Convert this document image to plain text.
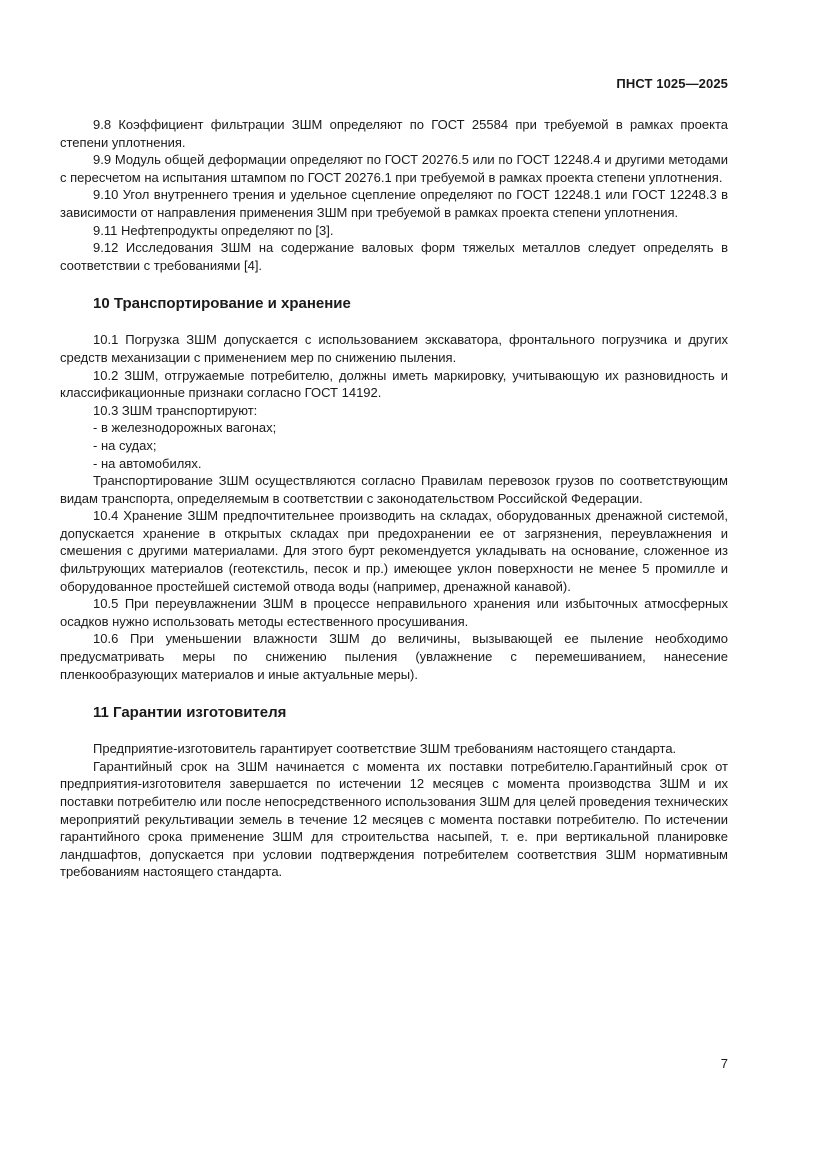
ПНСТ 1025—2025

9.8 Коэффициент фильтрации ЗШМ определяют по ГОСТ 25584 при требуемой в рамках проекта степени уплотнения.

9.9 Модуль общей деформации определяют по ГОСТ 20276.5 или по ГОСТ 12248.4 и другими методами с пересчетом на испытания штампом по ГОСТ 20276.1 при требуемой в рамках проекта степени уплотнения.

9.10 Угол внутреннего трения и удельное сцепление определяют по ГОСТ 12248.1 или ГОСТ 12248.3 в зависимости от направления применения ЗШМ при требуемой в рамках проекта степени уплотнения.

9.11 Нефтепродукты определяют по [3].

9.12 Исследования ЗШМ на содержание валовых форм тяжелых металлов следует определять в соответствии с требованиями [4].

10 Транспортирование и хранение

10.1 Погрузка ЗШМ допускается с использованием экскаватора, фронтального погрузчика и других средств механизации с применением мер по снижению пыления.

10.2 ЗШМ, отгружаемые потребителю, должны иметь маркировку, учитывающую их разновидность и классификационные признаки согласно ГОСТ 14192.

10.3 ЗШМ транспортируют:

- в железнодорожных вагонах;

- на судах;

- на автомобилях.

Транспортирование ЗШМ осуществляются согласно Правилам перевозок грузов по соответствующим видам транспорта, определяемым в соответствии с законодательством Российской Федерации.

10.4 Хранение ЗШМ предпочтительнее производить на складах, оборудованных дренажной системой, допускается хранение в открытых складах при предохранении ее от загрязнения, переувлажнения и смешения с другими материалами. Для этого бурт рекомендуется укладывать на основание, сложенное из фильтрующих материалов (геотекстиль, песок и пр.) имеющее уклон поверхности не менее 5 промилле и оборудованное простейшей системой отвода воды (например, дренажной канавой).

10.5 При переувлажнении ЗШМ в процессе неправильного хранения или избыточных атмосферных осадков нужно использовать методы естественного просушивания.

10.6 При уменьшении влажности ЗШМ до величины, вызывающей ее пыление необходимо предусматривать меры по снижению пыления (увлажнение с перемешиванием, нанесение пленкообразующих материалов и иные актуальные меры).

11 Гарантии изготовителя

Предприятие-изготовитель гарантирует соответствие ЗШМ требованиям настоящего стандарта.

Гарантийный срок на ЗШМ начинается с момента их поставки потребителю.Гарантийный срок от предприятия-изготовителя завершается по истечении 12 месяцев с момента производства ЗШМ и их поставки потребителю или после непосредственного использования ЗШМ для целей проведения технических мероприятий рекультивации земель в течение 12 месяцев с момента поставки потребителю. По истечении гарантийного срока применение ЗШМ для строительства насыпей, т. е. при вертикальной планировке ландшафтов, допускается при условии подтверждения потребителем соответствия ЗШМ нормативным требованиям настоящего стандарта.

7
